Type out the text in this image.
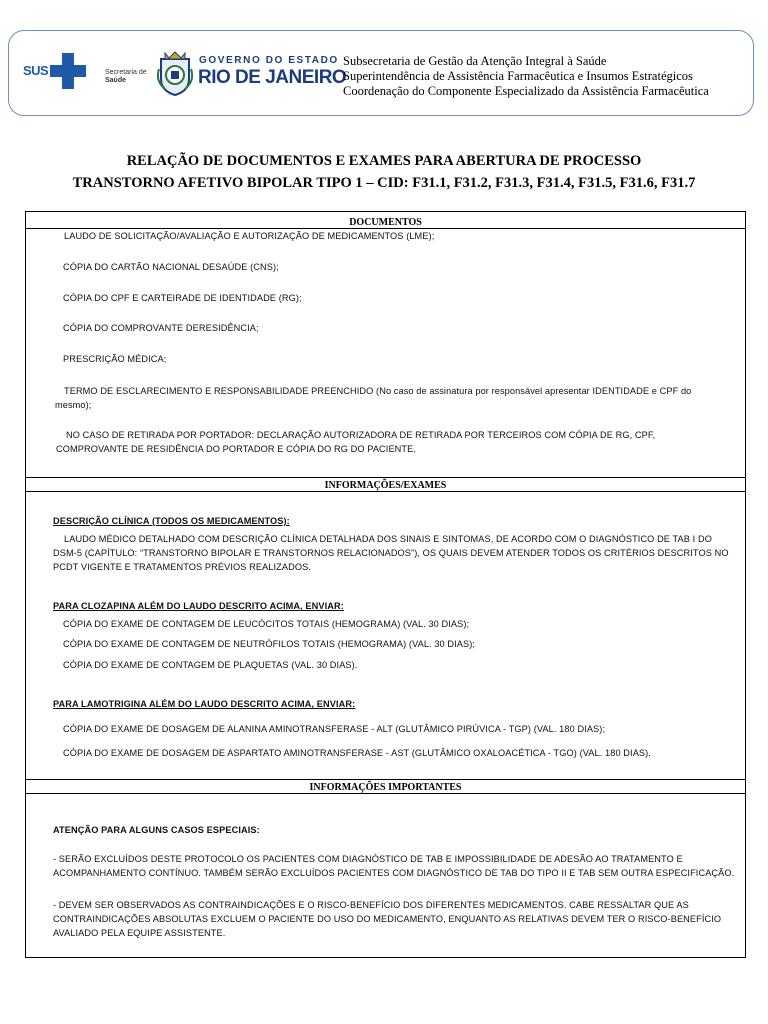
SUS	Secretaria de
Saúde
GOVERNO DO ESTADO
RIO DE JANEIRO
Subsecretaria de Gestão da Atenção Integral à Saúde
Superintendência de Assistência Farmacêutica e Insumos Estratégicos
Coordenação do Componente Especializado da Assistência Farmacêutica
RELAÇÃO DE DOCUMENTOS E EXAMES PARA ABERTURA DE PROCESSO
TRANSTORNO AFETIVO BIPOLAR TIPO 1 – CID: F31.1, F31.2, F31.3, F31.4, F31.5, F31.6, F31.7
DOCUMENTOS
LAUDO DE SOLICITAÇÃO/AVALIAÇÃO E AUTORIZAÇÃO DE MEDICAMENTOS (LME);
CÓPIA DO CARTÃO NACIONAL DESAÚDE (CNS);
CÓPIA DO CPF E CARTEIRADE DE IDENTIDADE (RG);
CÓPIA DO COMPROVANTE DERESIDÊNCIA;
PRESCRIÇÃO MÉDICA;
TERMO DE ESCLARECIMENTO E RESPONSABILIDADE PREENCHIDO (No caso de assinatura por responsável apresentar IDENTIDADE e CPF do mesmo);
NO CASO DE RETIRADA POR PORTADOR: DECLARAÇÃO AUTORIZADORA DE RETIRADA POR TERCEIROS COM CÓPIA DE RG, CPF, COMPROVANTE DE RESIDÊNCIA DO PORTADOR E CÓPIA DO RG DO PACIENTE.
INFORMAÇÕES/EXAMES
DESCRIÇÃO CLÍNICA (TODOS OS MEDICAMENTOS):
LAUDO MÉDICO DETALHADO COM DESCRIÇÃO CLÍNICA DETALHADA DOS SINAIS E SINTOMAS, DE ACORDO COM O DIAGNÓSTICO DE TAB I DO DSM-5 (CAPÍTULO: “TRANSTORNO BIPOLAR E TRANSTORNOS RELACIONADOS”), OS QUAIS DEVEM ATENDER TODOS OS CRITÉRIOS DESCRITOS NO PCDT VIGENTE E TRATAMENTOS PRÉVIOS REALIZADOS.
PARA CLOZAPINA ALÉM DO LAUDO DESCRITO ACIMA, ENVIAR:
CÓPIA DO EXAME DE CONTAGEM DE LEUCÓCITOS TOTAIS (HEMOGRAMA) (VAL. 30 DIAS);
CÓPIA DO EXAME DE CONTAGEM DE NEUTRÓFILOS TOTAIS (HEMOGRAMA) (VAL. 30 DIAS);
CÓPIA DO EXAME DE CONTAGEM DE PLAQUETAS (VAL. 30 DIAS).
PARA LAMOTRIGINA ALÉM DO LAUDO DESCRITO ACIMA, ENVIAR:
CÓPIA DO EXAME DE DOSAGEM DE ALANINA AMINOTRANSFERASE - ALT (GLUTÂMICO PIRÚVICA - TGP) (VAL. 180 DIAS);
CÓPIA DO EXAME DE DOSAGEM DE ASPARTATO AMINOTRANSFERASE - AST (GLUTÂMICO OXALOACÉTICA - TGO) (VAL. 180 DIAS).
INFORMAÇÕES IMPORTANTES
ATENÇÃO PARA ALGUNS CASOS ESPECIAIS:
- SERÃO EXCLUÍDOS DESTE PROTOCOLO OS PACIENTES COM DIAGNÓSTICO DE TAB E IMPOSSIBILIDADE DE ADESÃO AO TRATAMENTO E ACOMPANHAMENTO CONTÍNUO. TAMBÉM SERÃO EXCLUÍDOS PACIENTES COM DIAGNÓSTICO DE TAB DO TIPO II E TAB SEM OUTRA ESPECIFICAÇÃO.
- DEVEM SER OBSERVADOS AS CONTRAINDICAÇÕES E O RISCO-BENEFÍCIO DOS DIFERENTES MEDICAMENTOS. CABE RESSALTAR QUE AS CONTRAINDICAÇÕES ABSOLUTAS EXCLUEM O PACIENTE DO USO DO MEDICAMENTO, ENQUANTO AS RELATIVAS DEVEM TER O RISCO-BENEFÍCIO AVALIADO PELA EQUIPE ASSISTENTE.
